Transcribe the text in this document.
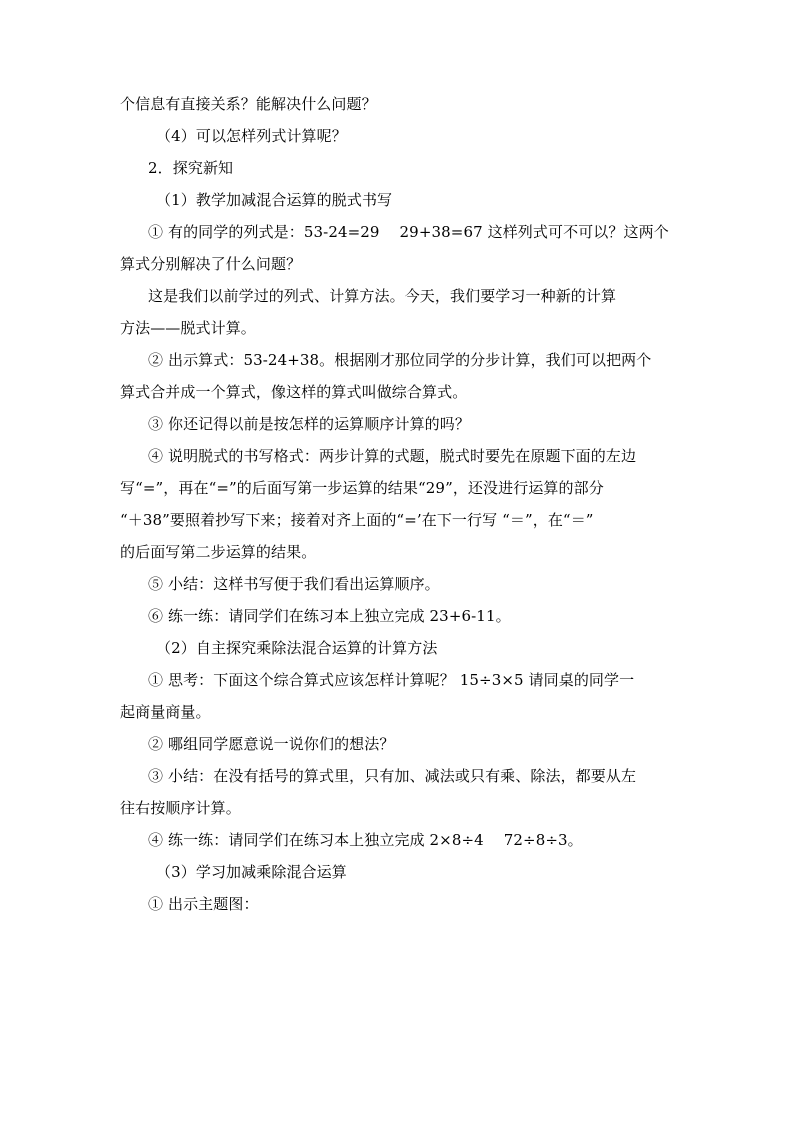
个信息有直接关系？能解决什么问题？
（4）可以怎样列式计算呢？
2．探究新知
（1）教学加减混合运算的脱式书写
① 有的同学的列式是：53-24=29　 29+38=67 这样列式可不可以？这两个
算式分别解决了什么问题？
这是我们以前学过的列式、计算方法。今天，我们要学习一种新的计算
方法——脱式计算。
② 出示算式：53-24+38。根据刚才那位同学的分步计算，我们可以把两个
算式合并成一个算式，像这样的算式叫做综合算式。
③ 你还记得以前是按怎样的运算顺序计算的吗？
④ 说明脱式的书写格式：两步计算的式题，脱式时要先在原题下面的左边
写“=”，再在“=”的后面写第一步运算的结果“29”，还没进行运算的部分
“＋38”要照着抄写下来；接着对齐上面的“=’在下一行写 “＝”，在“＝”
的后面写第二步运算的结果。
⑤ 小结：这样书写便于我们看出运算顺序。
⑥ 练一练：请同学们在练习本上独立完成 23+6-11。
（2）自主探究乘除法混合运算的计算方法
① 思考：下面这个综合算式应该怎样计算呢？ 15÷3×5 请同桌的同学一
起商量商量。
② 哪组同学愿意说一说你们的想法？
③ 小结：在没有括号的算式里，只有加、减法或只有乘、除法，都要从左
往右按顺序计算。
④ 练一练：请同学们在练习本上独立完成 2×8÷4　 72÷8÷3。
（3）学习加减乘除混合运算
① 出示主题图：
